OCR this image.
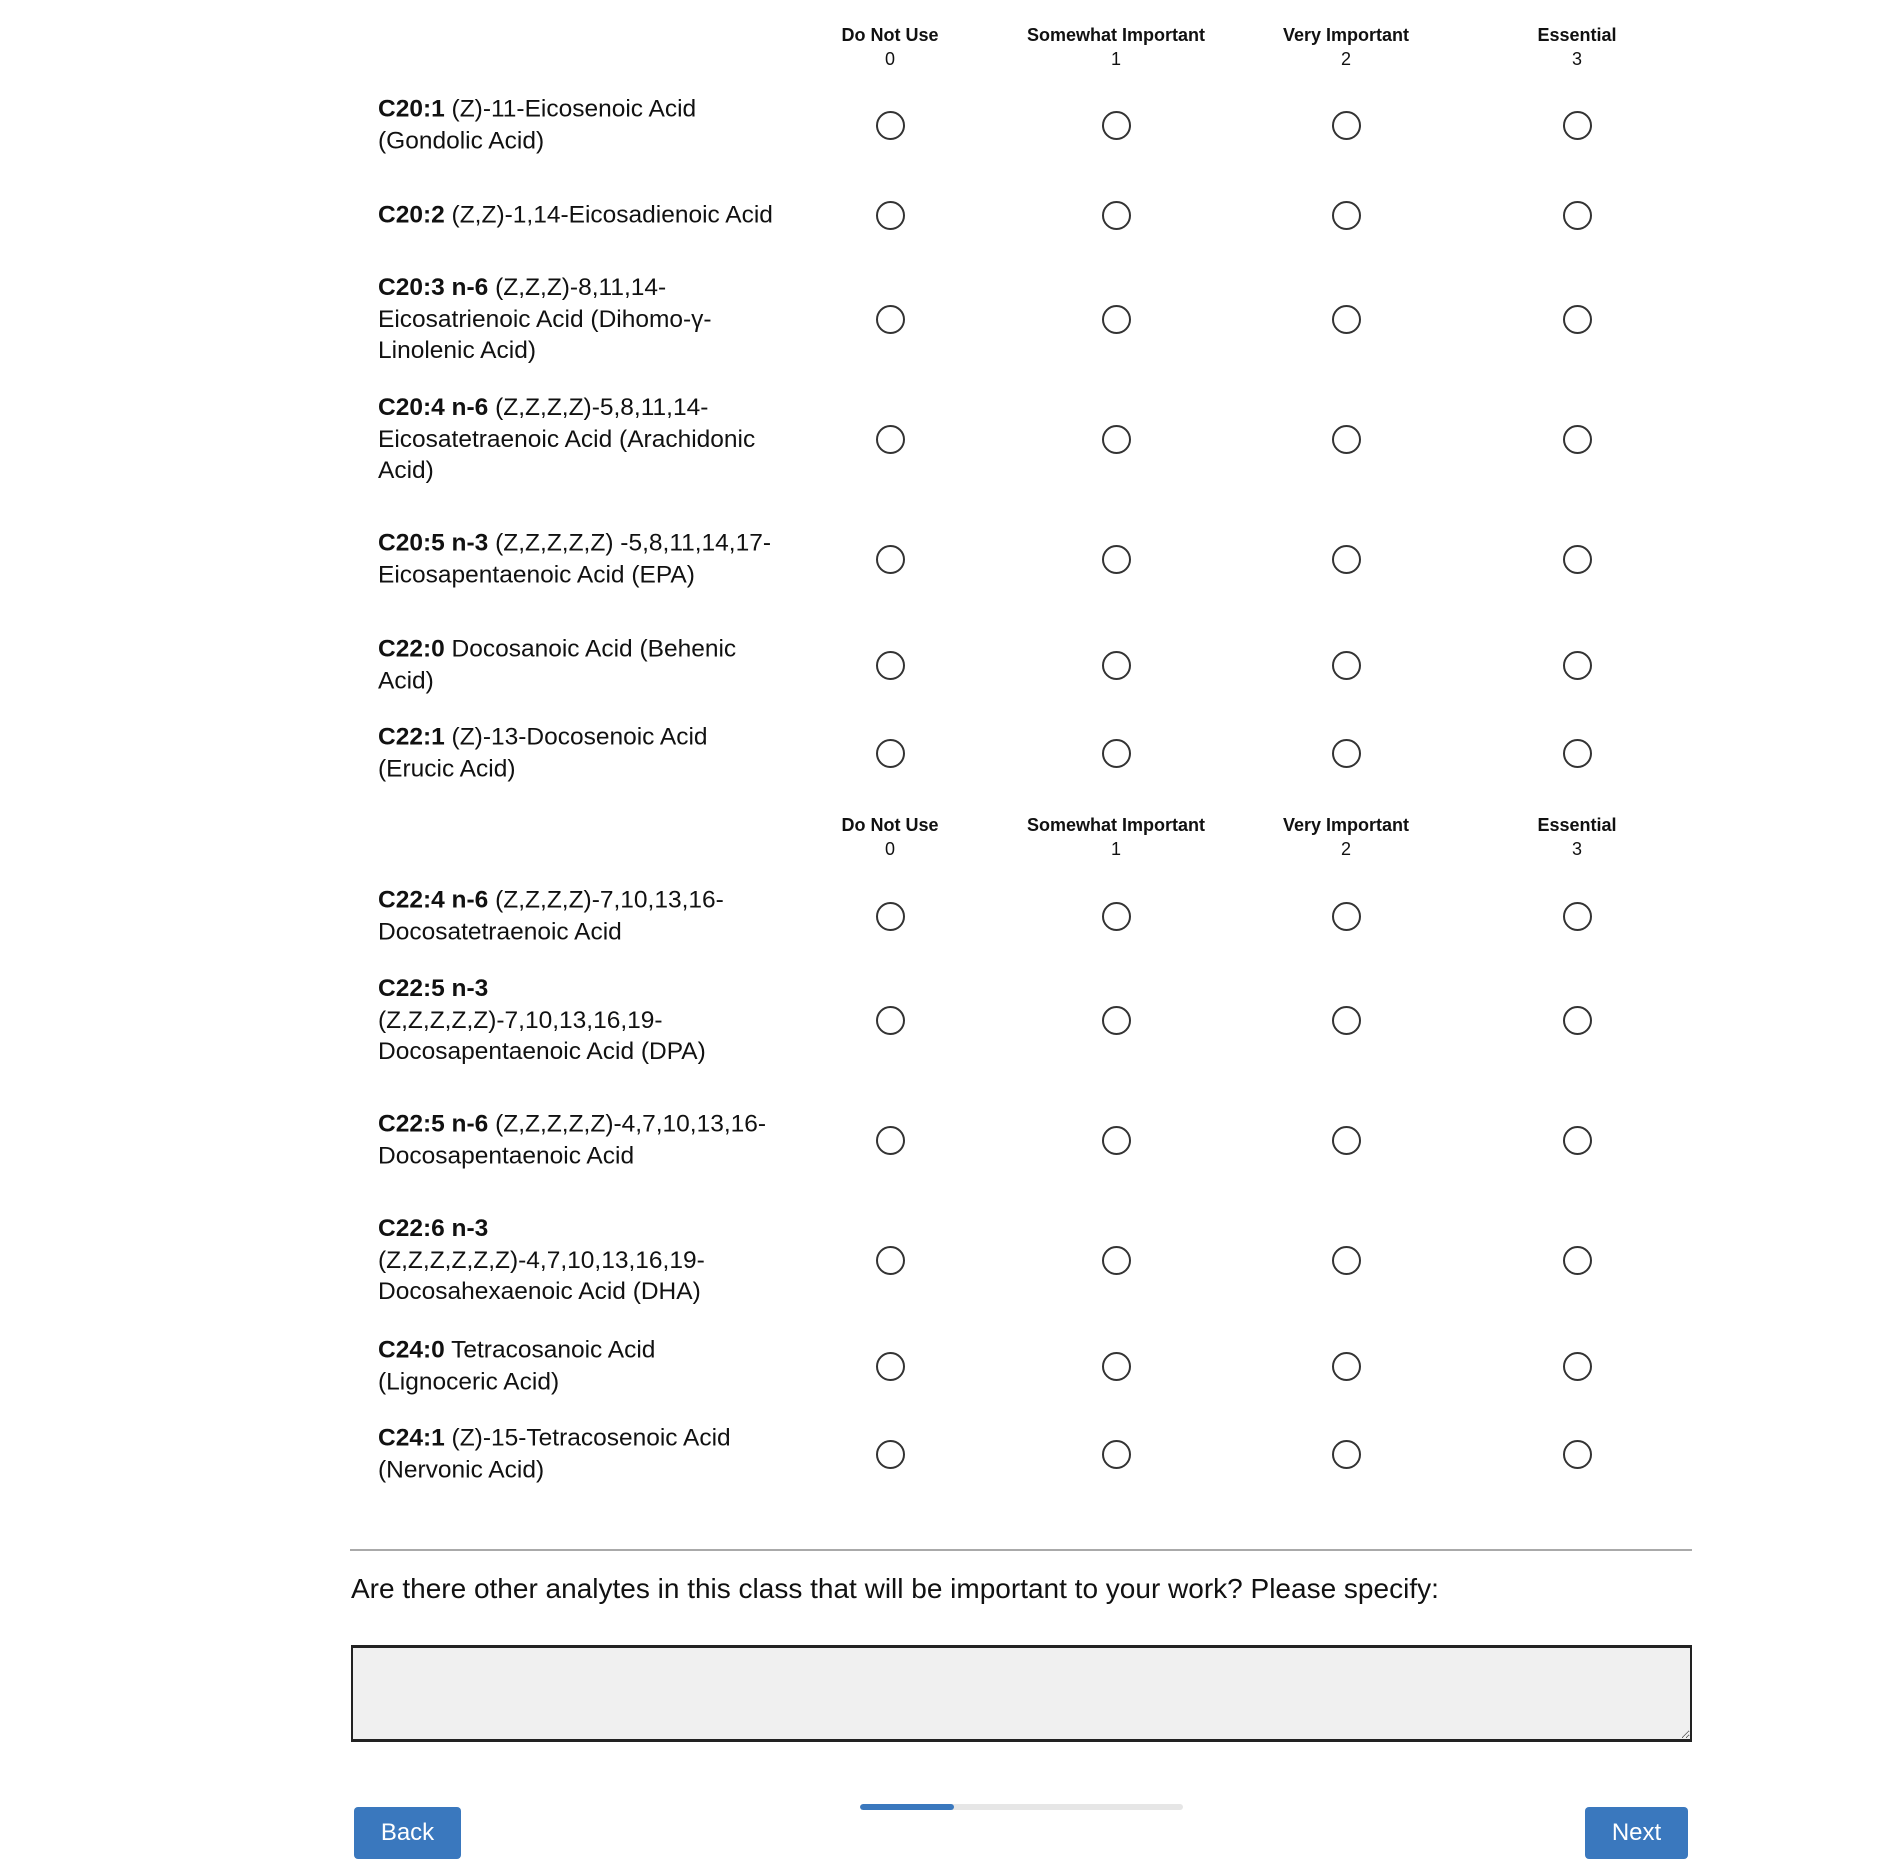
Do Not Use
0
Somewhat Important
1
Very Important
2
Essential
3
Do Not Use
0
Somewhat Important
1
Very Important
2
Essential
3
C20:1 (Z)-11-Eicosenoic Acid (Gondolic Acid)
C20:2 (Z,Z)-1,14-Eicosadienoic Acid
C20:3 n-6 (Z,Z,Z)-8,11,14-Eicosatrienoic Acid (Dihomo-γ-Linolenic Acid)
C20:4 n-6 (Z,Z,Z,Z)-5,8,11,14-Eicosatetraenoic Acid (Arachidonic Acid)
C20:5 n-3 (Z,Z,Z,Z,Z) -5,8,11,14,17-Eicosapentaenoic Acid (EPA)
C22:0 Docosanoic Acid (Behenic Acid)
C22:1 (Z)-13-Docosenoic Acid (Erucic Acid)
C22:4 n-6 (Z,Z,Z,Z)-7,10,13,16-Docosatetraenoic Acid
C22:5 n-3 (Z,Z,Z,Z,Z)-7,10,13,16,19-Docosapentaenoic Acid (DPA)
C22:5 n-6 (Z,Z,Z,Z,Z)-4,7,10,13,16-Docosapentaenoic Acid
C22:6 n-3 (Z,Z,Z,Z,Z,Z)-4,7,10,13,16,19-Docosahexaenoic Acid (DHA)
C24:0 Tetracosanoic Acid (Lignoceric Acid)
C24:1 (Z)-15-Tetracosenoic Acid (Nervonic Acid)
Are there other analytes in this class that will be important to your work? Please specify:
Back	Next
